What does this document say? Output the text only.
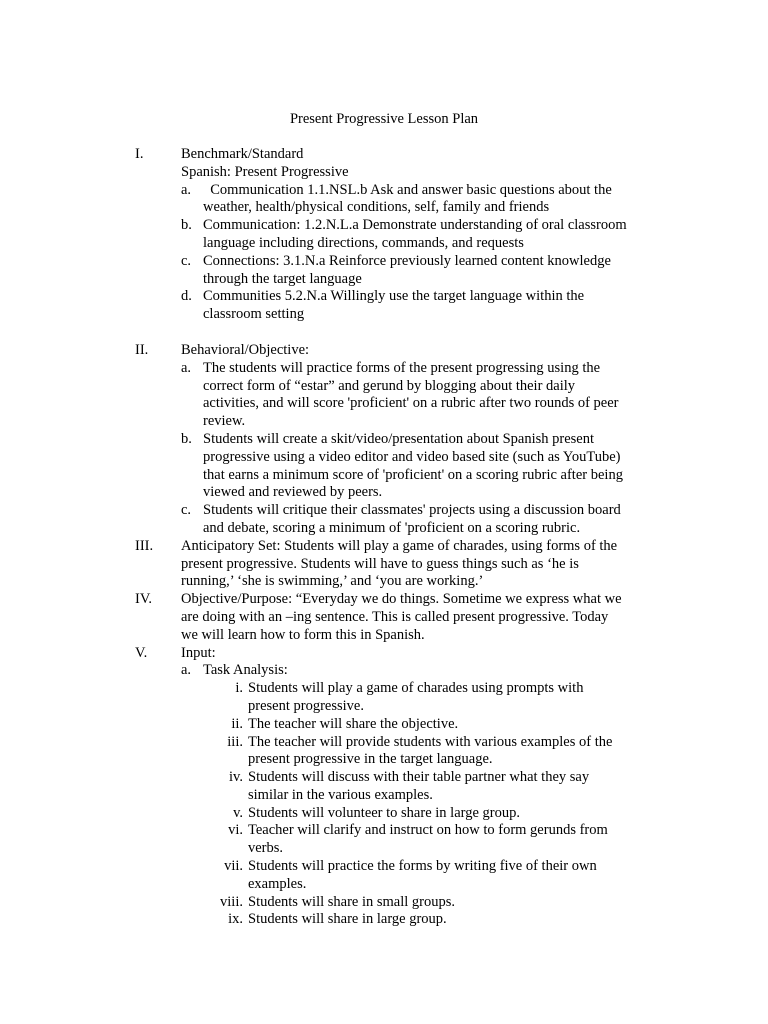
Present Progressive Lesson Plan
I.	Benchmark/Standard
Spanish: Present Progressive
a. Communication 1.1.NSL.b Ask and answer basic questions about the weather, health/physical conditions, self, family and friends
b. Communication: 1.2.N.L.a Demonstrate understanding of oral classroom language including directions, commands, and requests
c. Connections: 3.1.N.a Reinforce previously learned content knowledge through the target language
d. Communities 5.2.N.a Willingly use the target language within the classroom setting
II. Behavioral/Objective:
a. The students will practice forms of the present progressing using the correct form of “estar” and gerund by blogging about their daily activities, and will score 'proficient' on a rubric after two rounds of peer review.
b. Students will create a skit/video/presentation about Spanish present progressive using a video editor and video based site (such as YouTube) that earns a minimum score of 'proficient' on a scoring rubric after being viewed and reviewed by peers.
c. Students will critique their classmates' projects using a discussion board and debate, scoring a minimum of 'proficient on a scoring rubric.
III. Anticipatory Set: Students will play a game of charades, using forms of the present progressive. Students will have to guess things such as ‘he is running,’ ‘she is swimming,’ and ‘you are working.’
IV. Objective/Purpose: “Everyday we do things. Sometime we express what we are doing with an –ing sentence. This is called present progressive. Today we will learn how to form this in Spanish.
V. Input:
a. Task Analysis:
i. Students will play a game of charades using prompts with present progressive.
ii. The teacher will share the objective.
iii. The teacher will provide students with various examples of the present progressive in the target language.
iv. Students will discuss with their table partner what they say similar in the various examples.
v. Students will volunteer to share in large group.
vi. Teacher will clarify and instruct on how to form gerunds from verbs.
vii. Students will practice the forms by writing five of their own examples.
viii. Students will share in small groups.
ix. Students will share in large group.
